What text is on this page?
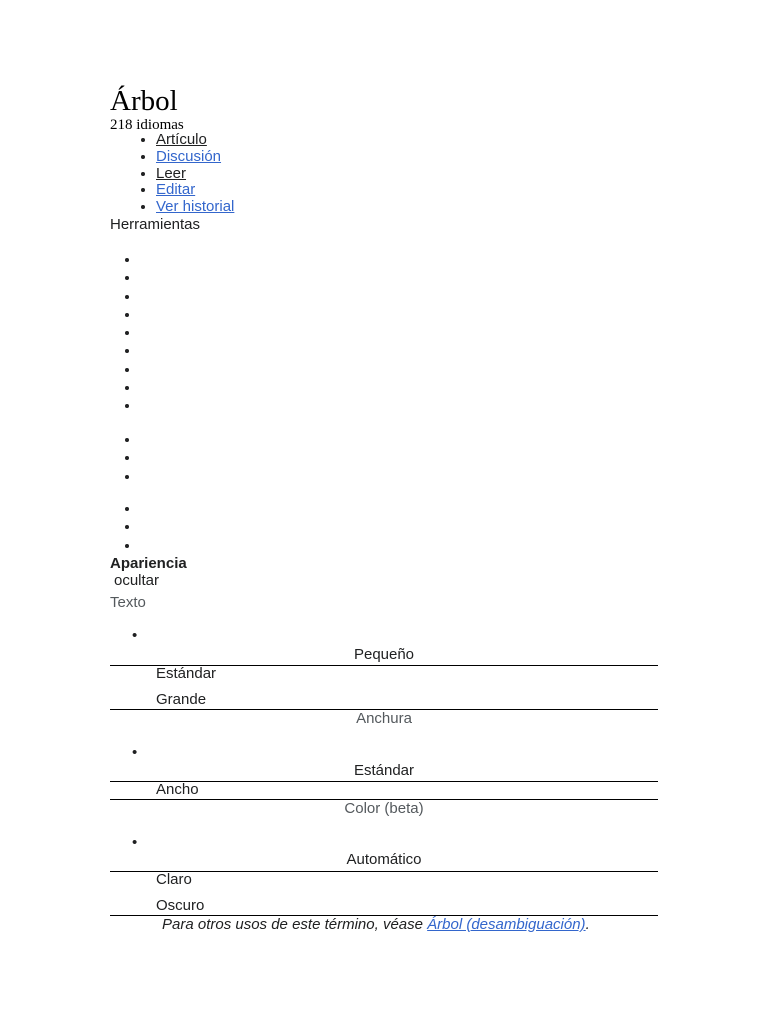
Árbol
218 idiomas
• Artículo
• Discusión
• Leer
• Editar
• Ver historial
Herramientas
Apariencia
ocultar
Texto
•
Pequeño
Estándar
Grande
Anchura
•
Estándar
Ancho
Color (beta)
•
Automático
Claro
Oscuro
Para otros usos de este término, véase Árbol (desambiguación).
